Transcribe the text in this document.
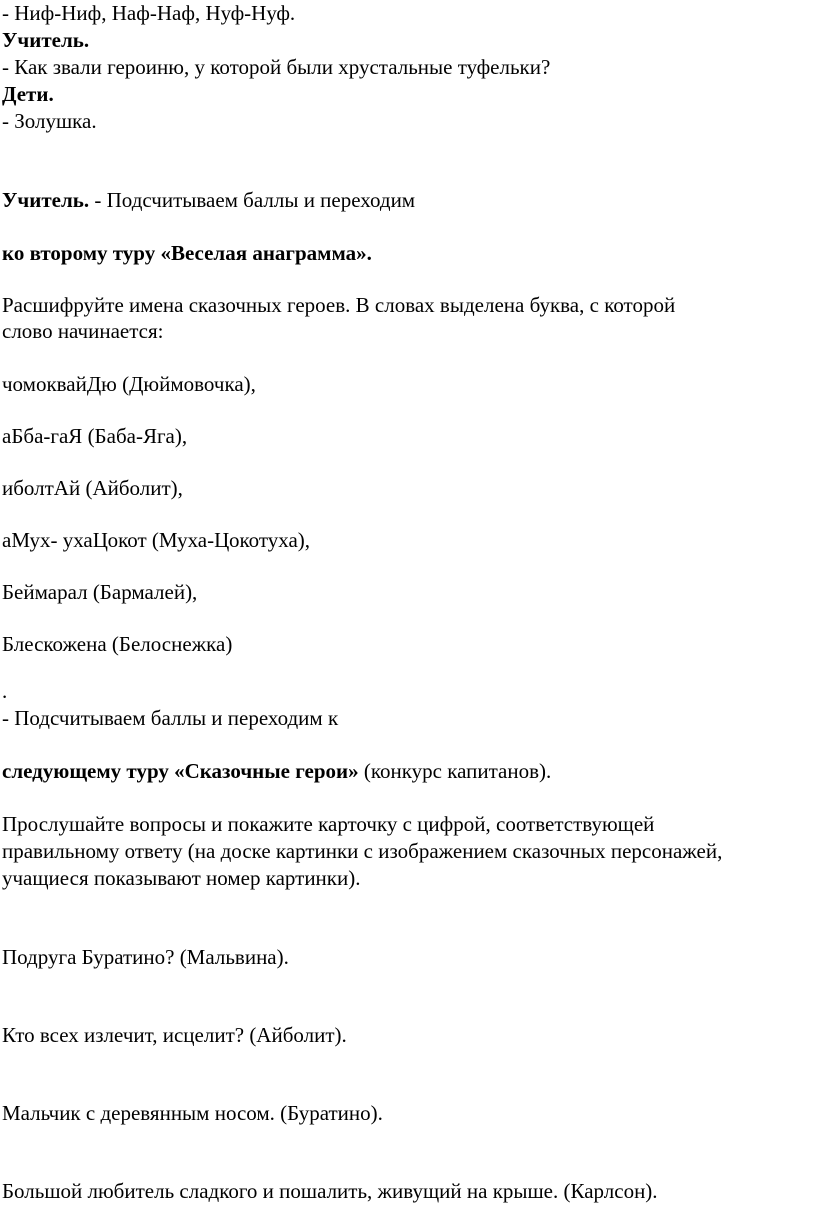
- Ниф-Ниф, Наф-Наф, Нуф-Нуф.
Учитель.
- Как звали героиню, у которой были хрустальные туфельки?
Дети.
- Золушка.
Учитель. - Подсчитываем баллы и переходим
ко второму туру «Веселая анаграмма».
Расшифруйте имена сказочных героев. В словах выделена буква, с которой
слово начинается:
чомоквайДю (Дюймовочка),
аБба-гаЯ (Баба-Яга),
иболтАй (Айболит),
аМух- ухаЦокот (Муха-Цокотуха),
Беймарал (Бармалей),
Блескожена (Белоснежка)
.
- Подсчитываем баллы и переходим к
следующему туру «Сказочные герои» (конкурс капитанов).
Прослушайте вопросы и покажите карточку с цифрой, соответствующей
правильному ответу (на доске картинки с изображением сказочных персонажей,
учащиеся показывают номер картинки).
Подруга Буратино? (Мальвина).
Кто всех излечит, исцелит? (Айболит).
Мальчик с деревянным носом. (Буратино).
Большой любитель сладкого и пошалить, живущий на крыше. (Карлсон).
